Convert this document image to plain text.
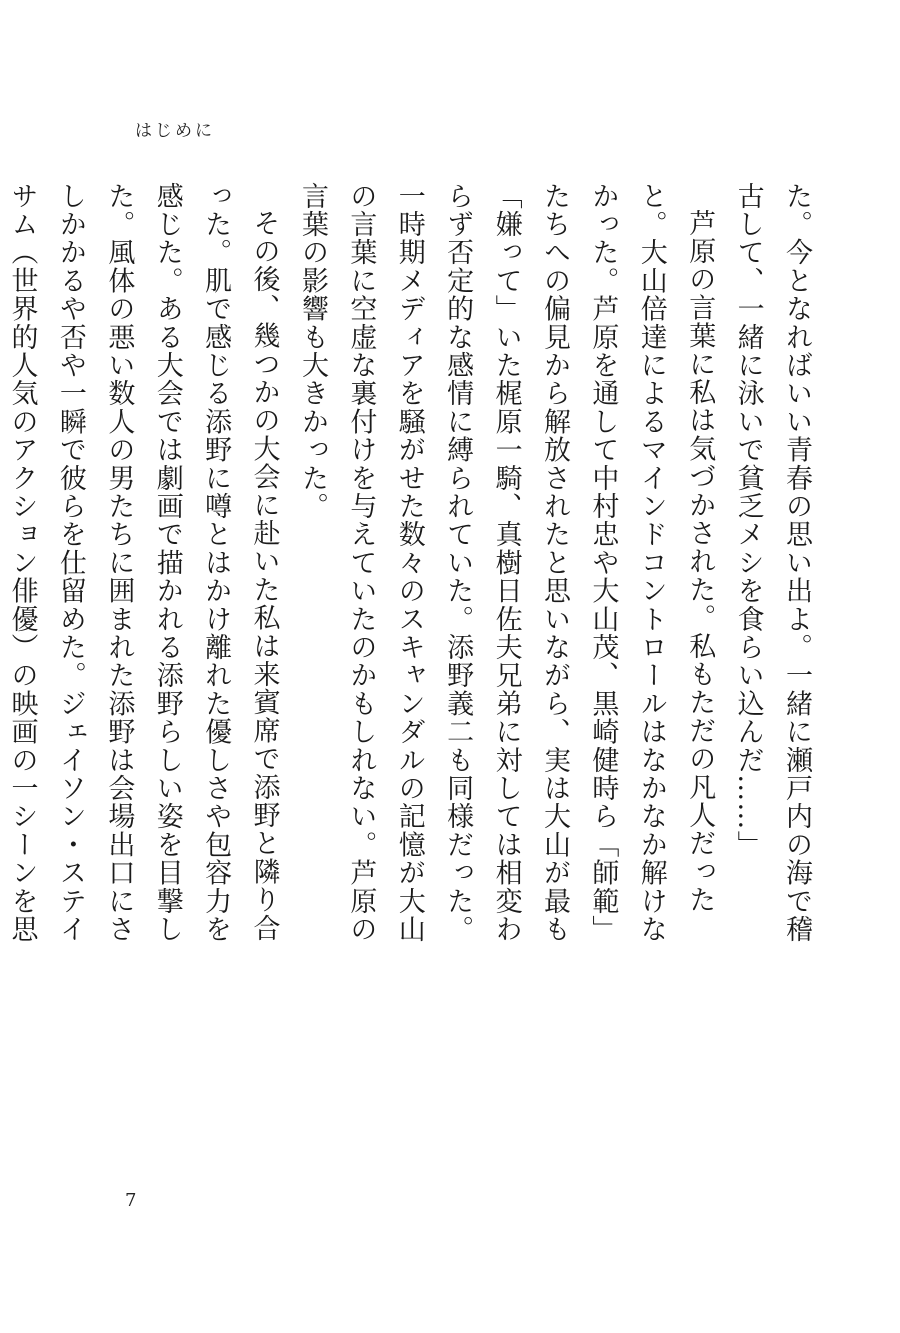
はじめに

た。今となればいい青春の思い出よ。一緒に瀬戸内の海で稽古して、一緒に泳いで貧乏メシを食らい込んだ……」

芦原の言葉に私は気づかされた。私もただの凡人だったと。大山倍達によるマインドコントロールはなかなか解けなかった。芦原を通して中村忠や大山茂、黒崎健時ら「師範」たちへの偏見から解放されたと思いながら、実は大山が最も「嫌って」いた梶原一騎、真樹日佐夫兄弟に対しては相変わらず否定的な感情に縛られていた。添野義二も同様だった。一時期メディアを騒がせた数々のスキャンダルの記憶が大山の言葉に空虚な裏付けを与えていたのかもしれない。芦原の言葉の影響も大きかった。

その後、幾つかの大会に赴いた私は来賓席で添野と隣り合った。肌で感じる添野に噂とはかけ離れた優しさや包容力を感じた。ある大会では劇画で描かれる添野らしい姿を目撃した。風体の悪い数人の男たちに囲まれた添野は会場出口にさしかかるや否や一瞬で彼らを仕留めた。ジェイソン・ステイサム（世界的人気のアクション俳優）の映画の一シーンを思

7
